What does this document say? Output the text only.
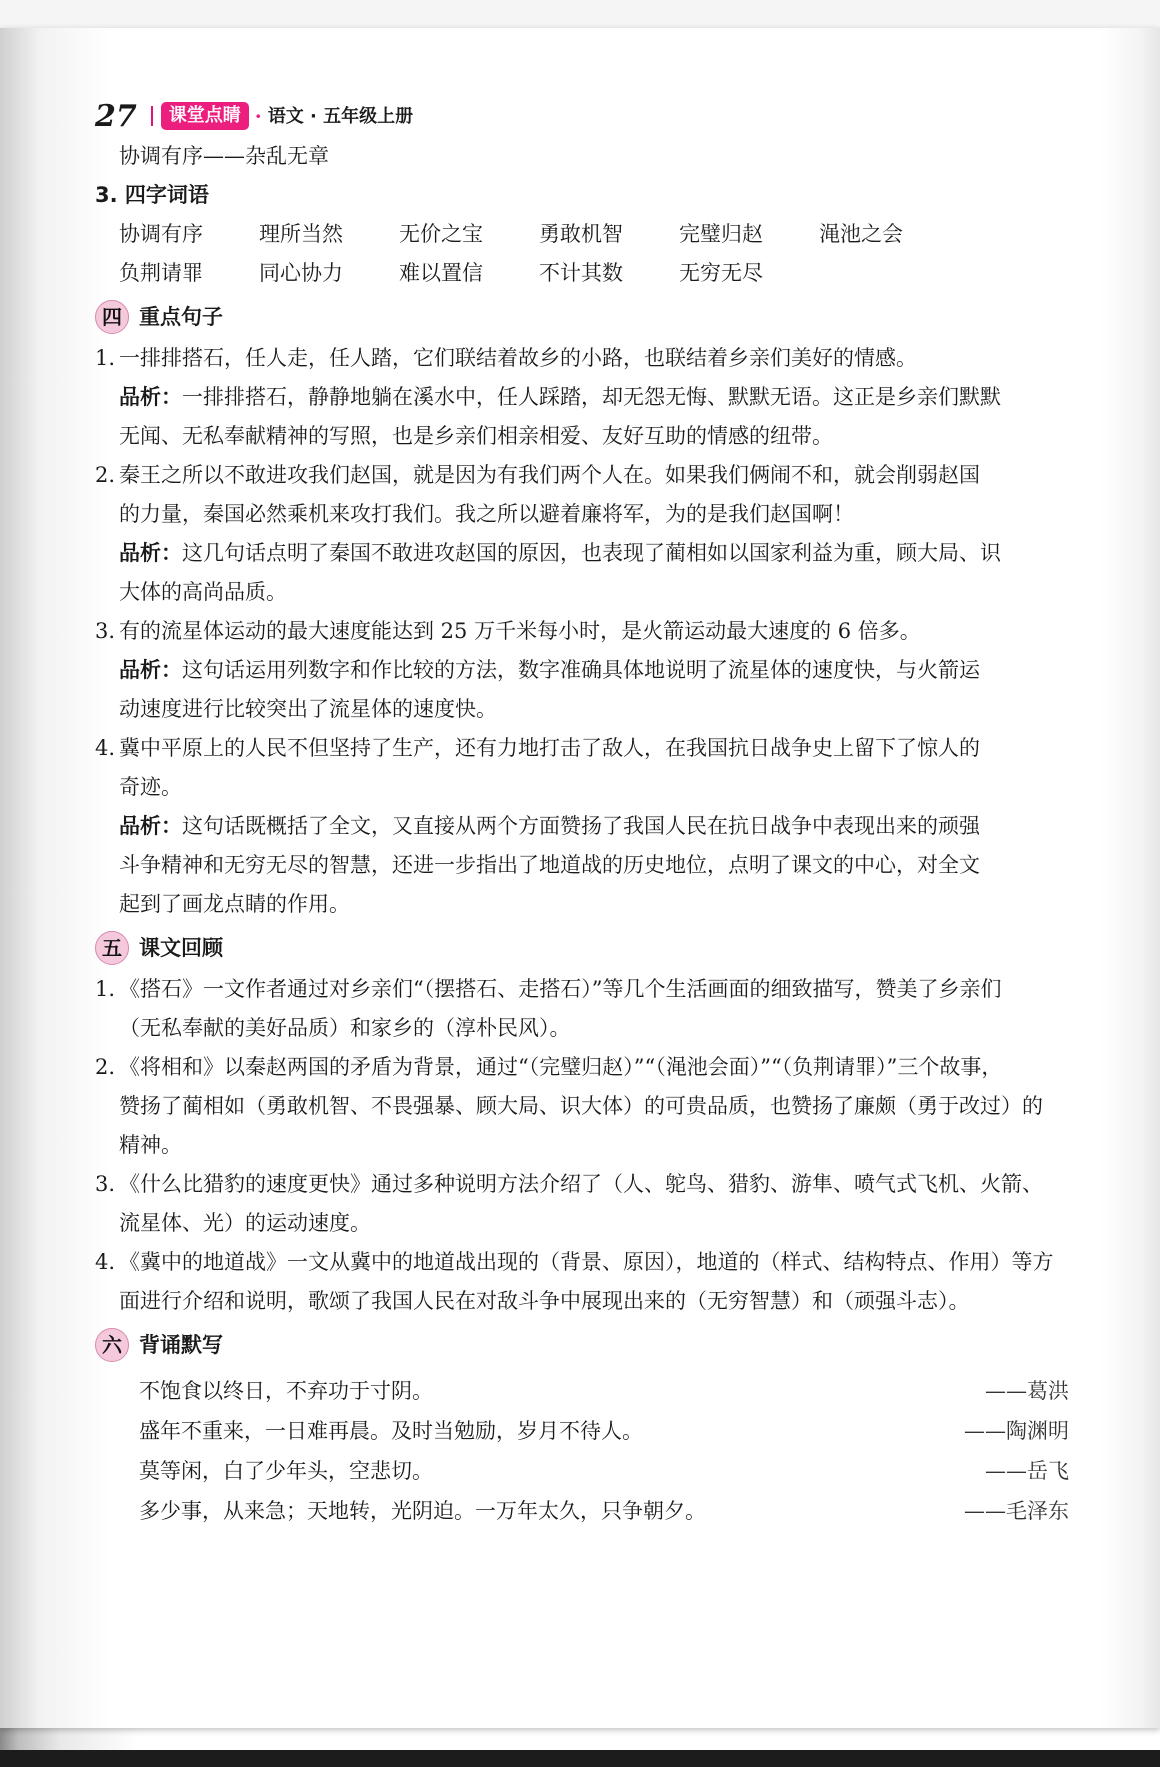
27	课堂点睛 · 语文 · 五年级上册
协调有序——杂乱无章
3. 四字词语
协调有序	理所当然	无价之宝	勇敢机智	完璧归赵	渑池之会
负荆请罪	同心协力	难以置信	不计其数	无穷无尽
四 重点句子
1. 一排排搭石，任人走，任人踏，它们联结着故乡的小路，也联结着乡亲们美好的情感。
品析：一排排搭石，静静地躺在溪水中，任人踩踏，却无怨无悔、默默无语。这正是乡亲们默默
无闻、无私奉献精神的写照，也是乡亲们相亲相爱、友好互助的情感的纽带。
2. 秦王之所以不敢进攻我们赵国，就是因为有我们两个人在。如果我们俩闹不和，就会削弱赵国
的力量，秦国必然乘机来攻打我们。我之所以避着廉将军，为的是我们赵国啊！
品析：这几句话点明了秦国不敢进攻赵国的原因，也表现了蔺相如以国家利益为重，顾大局、识
大体的高尚品质。
3. 有的流星体运动的最大速度能达到 25 万千米每小时，是火箭运动最大速度的 6 倍多。
品析：这句话运用列数字和作比较的方法，数字准确具体地说明了流星体的速度快，与火箭运
动速度进行比较突出了流星体的速度快。
4. 冀中平原上的人民不但坚持了生产，还有力地打击了敌人，在我国抗日战争史上留下了惊人的
奇迹。
品析：这句话既概括了全文，又直接从两个方面赞扬了我国人民在抗日战争中表现出来的顽强
斗争精神和无穷无尽的智慧，还进一步指出了地道战的历史地位，点明了课文的中心，对全文
起到了画龙点睛的作用。
五 课文回顾
1. 《搭石》一文作者通过对乡亲们“（摆搭石、走搭石）”等几个生活画面的细致描写，赞美了乡亲们
（无私奉献的美好品质）和家乡的（淳朴民风）。
2. 《将相和》以秦赵两国的矛盾为背景，通过“（完璧归赵）”“（渑池会面）”“（负荆请罪）”三个故事，
赞扬了蔺相如（勇敢机智、不畏强暴、顾大局、识大体）的可贵品质，也赞扬了廉颇（勇于改过）的
精神。
3. 《什么比猎豹的速度更快》通过多种说明方法介绍了（人、鸵鸟、猎豹、游隼、喷气式飞机、火箭、
流星体、光）的运动速度。
4. 《冀中的地道战》一文从冀中的地道战出现的（背景、原因），地道的（样式、结构特点、作用）等方
面进行介绍和说明，歌颂了我国人民在对敌斗争中展现出来的（无穷智慧）和（顽强斗志）。
六 背诵默写
不饱食以终日，不弃功于寸阴。	——葛洪
盛年不重来，一日难再晨。及时当勉励，岁月不待人。	——陶渊明
莫等闲，白了少年头，空悲切。	——岳飞
多少事，从来急；天地转，光阴迫。一万年太久，只争朝夕。	——毛泽东
